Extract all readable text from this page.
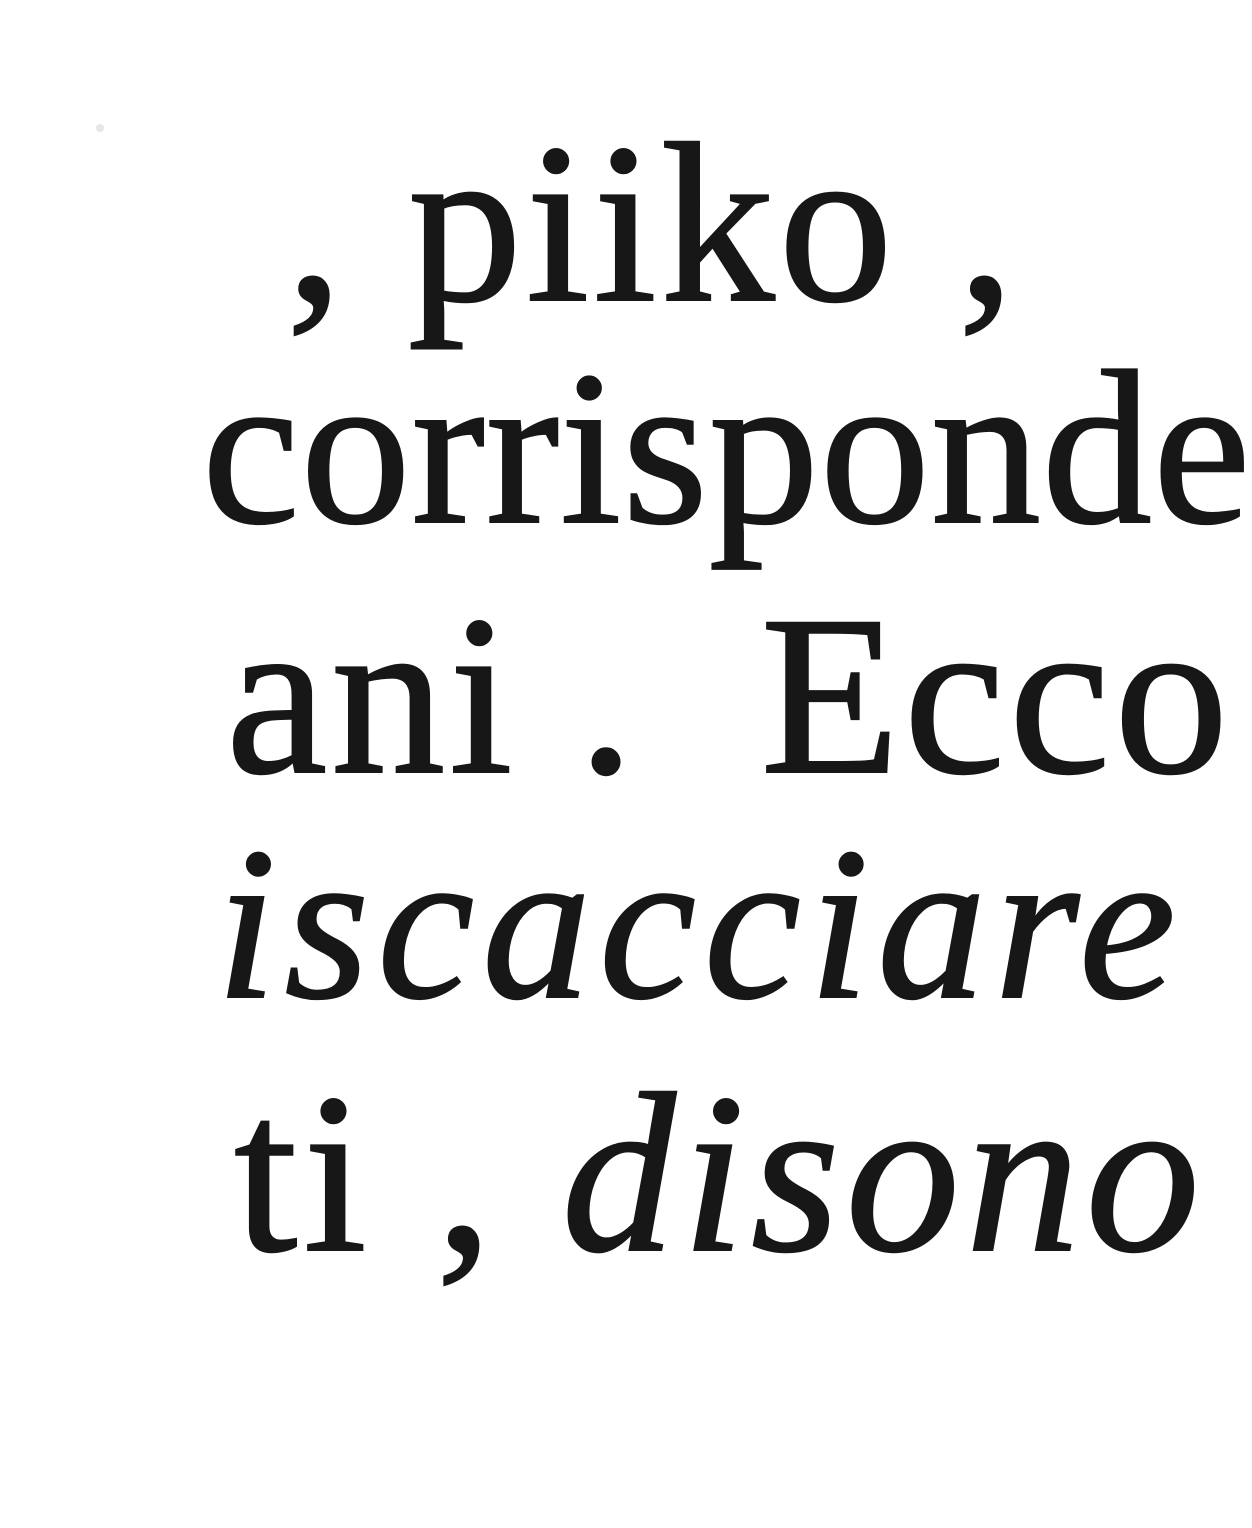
, piiko ,

corrisponde

ani .  Ecco

iscacciare

ti , disono
